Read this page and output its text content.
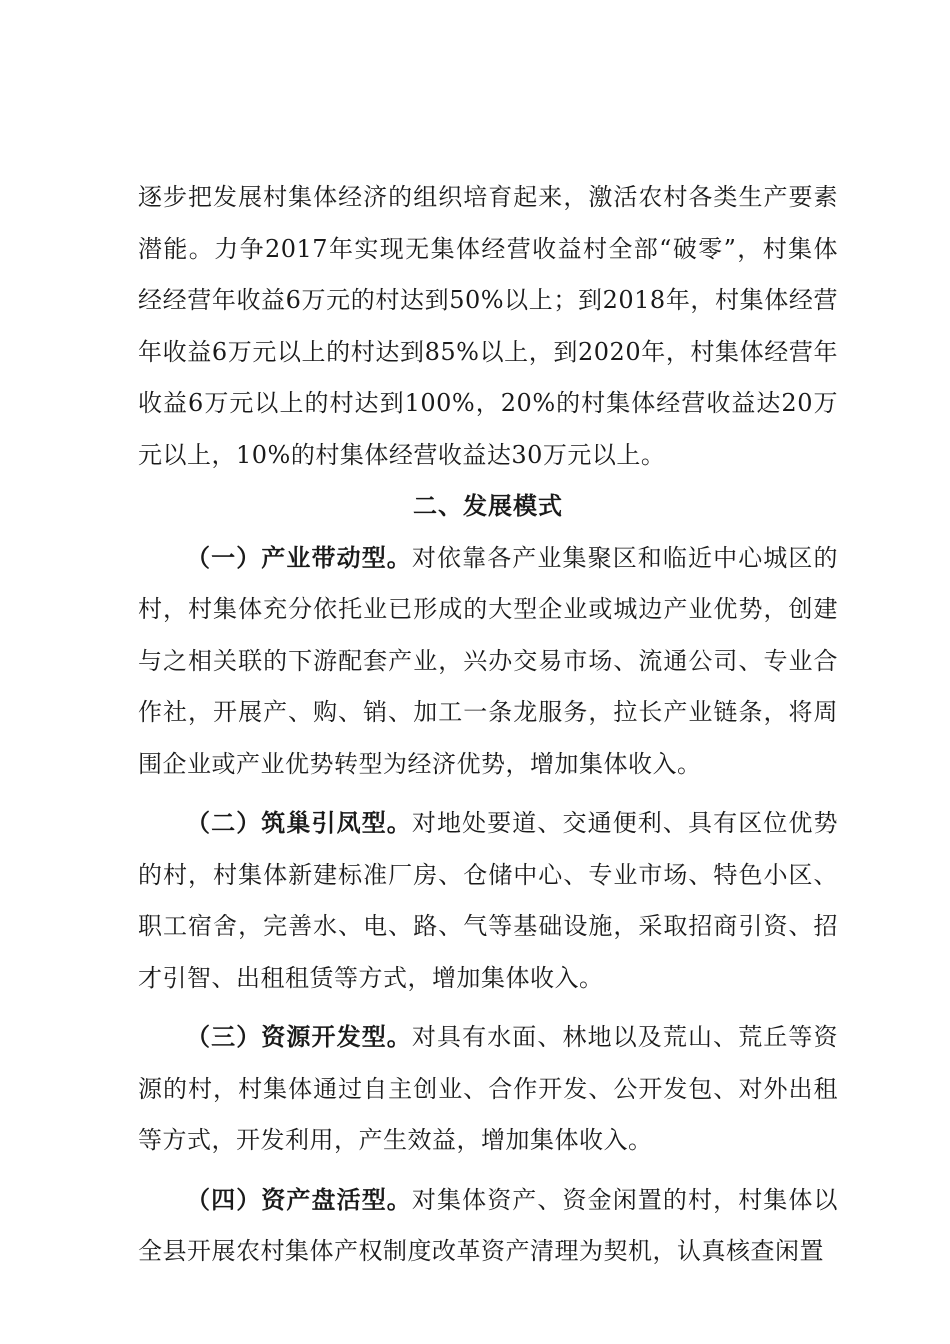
逐步把发展村集体经济的组织培育起来，激活农村各类生产要素潜能。力争2017年实现无集体经营收益村全部“破零”，村集体经经营年收益6万元的村达到50%以上；到2018年，村集体经营年收益6万元以上的村达到85%以上，到2020年，村集体经营年收益6万元以上的村达到100%，20%的村集体经营收益达20万元以上，10%的村集体经营收益达30万元以上。

二、发展模式

（一）产业带动型。对依靠各产业集聚区和临近中心城区的村，村集体充分依托业已形成的大型企业或城边产业优势，创建与之相关联的下游配套产业，兴办交易市场、流通公司、专业合作社，开展产、购、销、加工一条龙服务，拉长产业链条，将周围企业或产业优势转型为经济优势，增加集体收入。

（二）筑巢引凤型。对地处要道、交通便利、具有区位优势的村，村集体新建标准厂房、仓储中心、专业市场、特色小区、职工宿舍，完善水、电、路、气等基础设施，采取招商引资、招才引智、出租租赁等方式，增加集体收入。

（三）资源开发型。对具有水面、林地以及荒山、荒丘等资源的村，村集体通过自主创业、合作开发、公开发包、对外出租等方式，开发利用，产生效益，增加集体收入。

（四）资产盘活型。对集体资产、资金闲置的村，村集体以全县开展农村集体产权制度改革资产清理为契机，认真核查闲置
